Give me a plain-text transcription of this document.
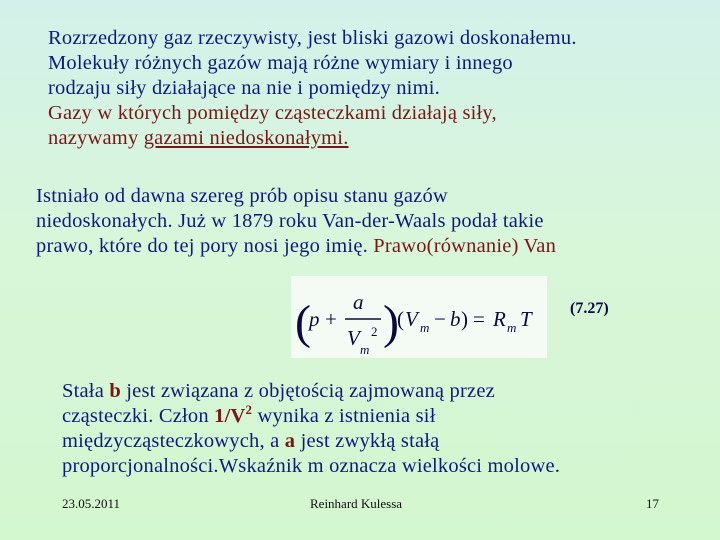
Rozrzedzony gaz rzeczywisty, jest bliski gazowi doskonałemu.
Molekuły różnych gazów mają różne wymiary i innego
rodzaju siły działające na nie i pomiędzy nimi.
Gazy w których pomiędzy cząsteczkami działają siły,
nazywamy gazami niedoskonałymi.
Istniało od dawna szereg prób opisu stanu gazów
niedoskonałych. Już w 1879 roku Van-der-Waals podał takie
prawo, które do tej pory nosi jego imię. Prawo(równanie) Van
(
p +
a
V 2
m
)
( V m − b ) = R m T (7.27)
Stała b jest związana z objętością zajmowaną przez
cząsteczki. Człon $1/V^2$ wynika z istnienia sił
międzycząsteczkowych, a a jest zwykłą stałą
proporcjonalności.Wskaźnik m oznacza wielkości molowe.
23.05.2011	Reinhard Kulessa	17
